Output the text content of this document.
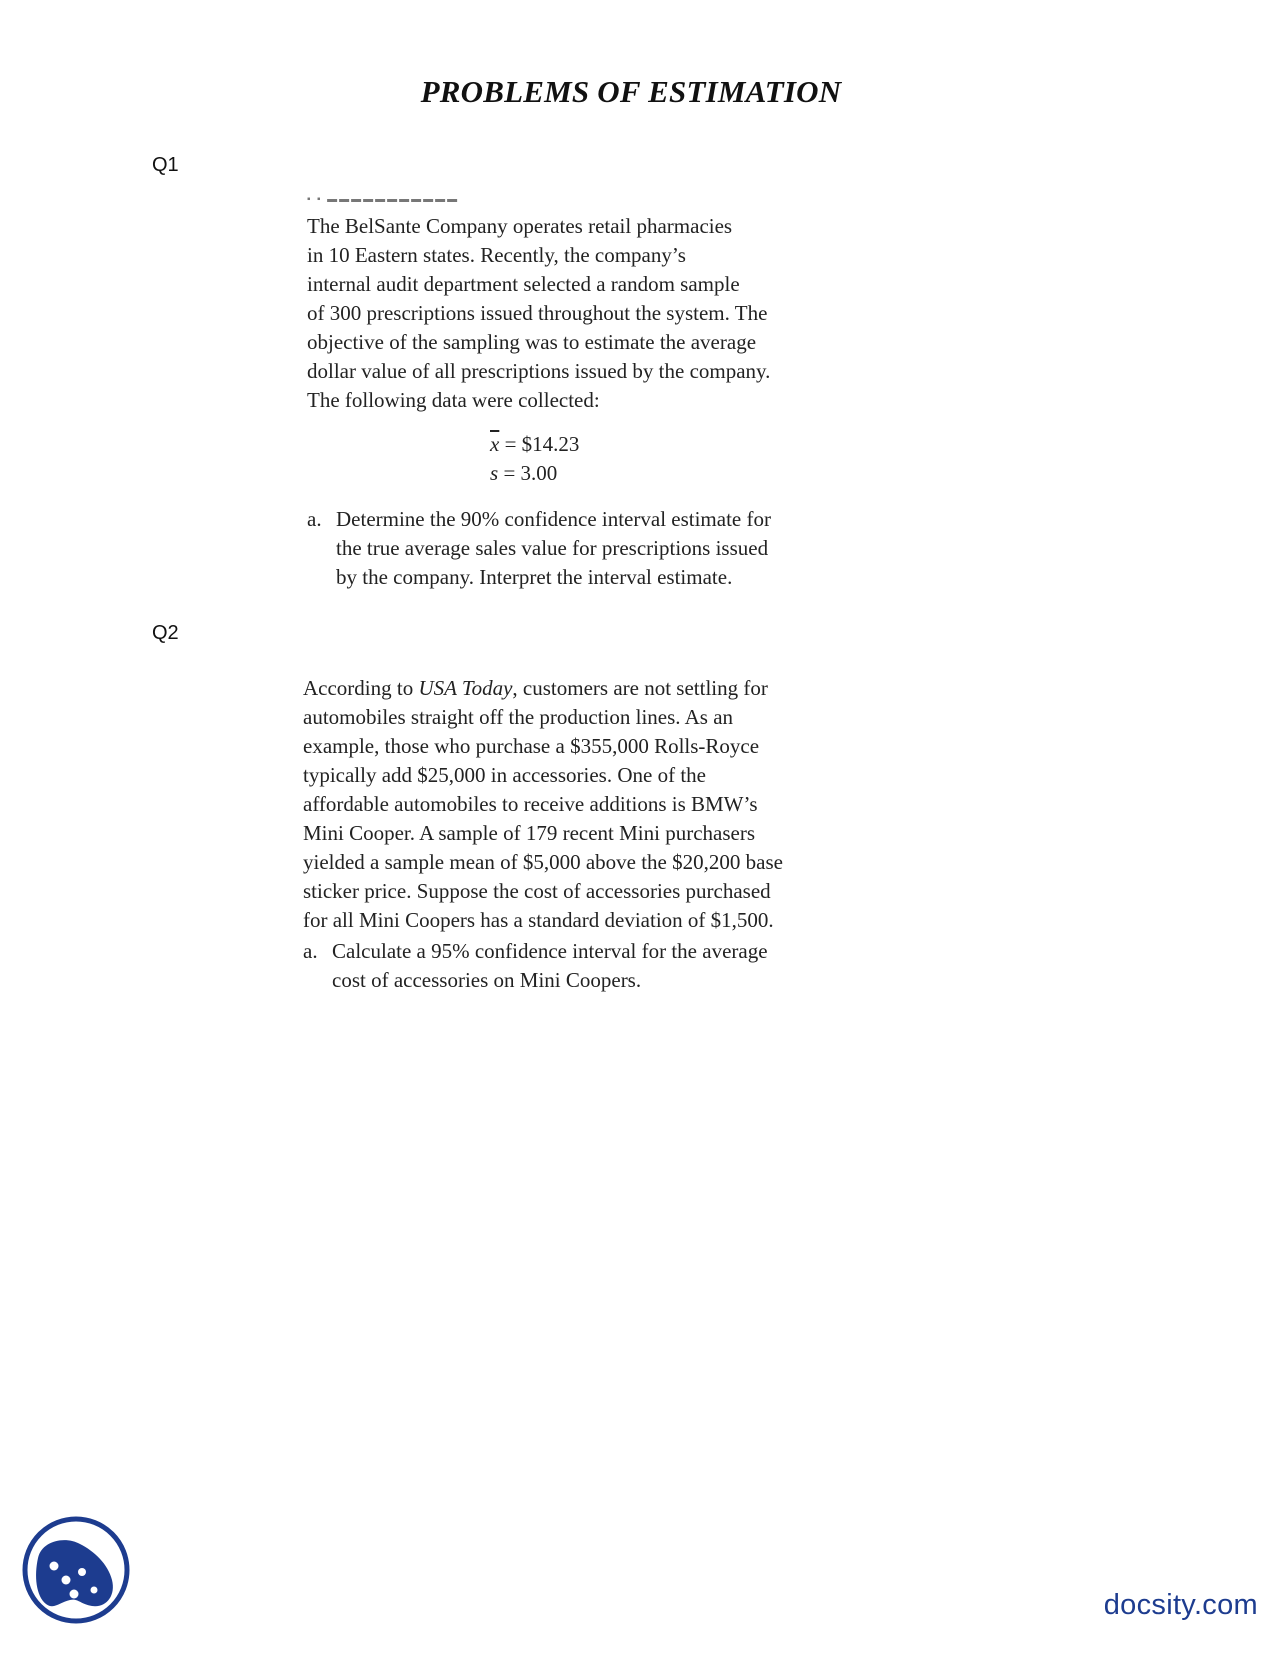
PROBLEMS OF ESTIMATION
Q1
▪ ▪ ▬▬▬▬▬▬▬▬▬▬▬
The BelSante Company operates retail pharmacies
in 10 Eastern states. Recently, the company’s
internal audit department selected a random sample
of 300 prescriptions issued throughout the system. The
objective of the sampling was to estimate the average
dollar value of all prescriptions issued by the company.
The following data were collected:
$\overline{x}$ = $14.23
s = 3.00
a. Determine the 90% confidence interval estimate for
the true average sales value for prescriptions issued
by the company. Interpret the interval estimate.
Q2
According to USA Today, customers are not settling for
automobiles straight off the production lines. As an
example, those who purchase a $355,000 Rolls-Royce
typically add $25,000 in accessories. One of the
affordable automobiles to receive additions is BMW’s
Mini Cooper. A sample of 179 recent Mini purchasers
yielded a sample mean of $5,000 above the $20,200 base
sticker price. Suppose the cost of accessories purchased
for all Mini Coopers has a standard deviation of $1,500.
a. Calculate a 95% confidence interval for the average
cost of accessories on Mini Coopers.
docsity.com
